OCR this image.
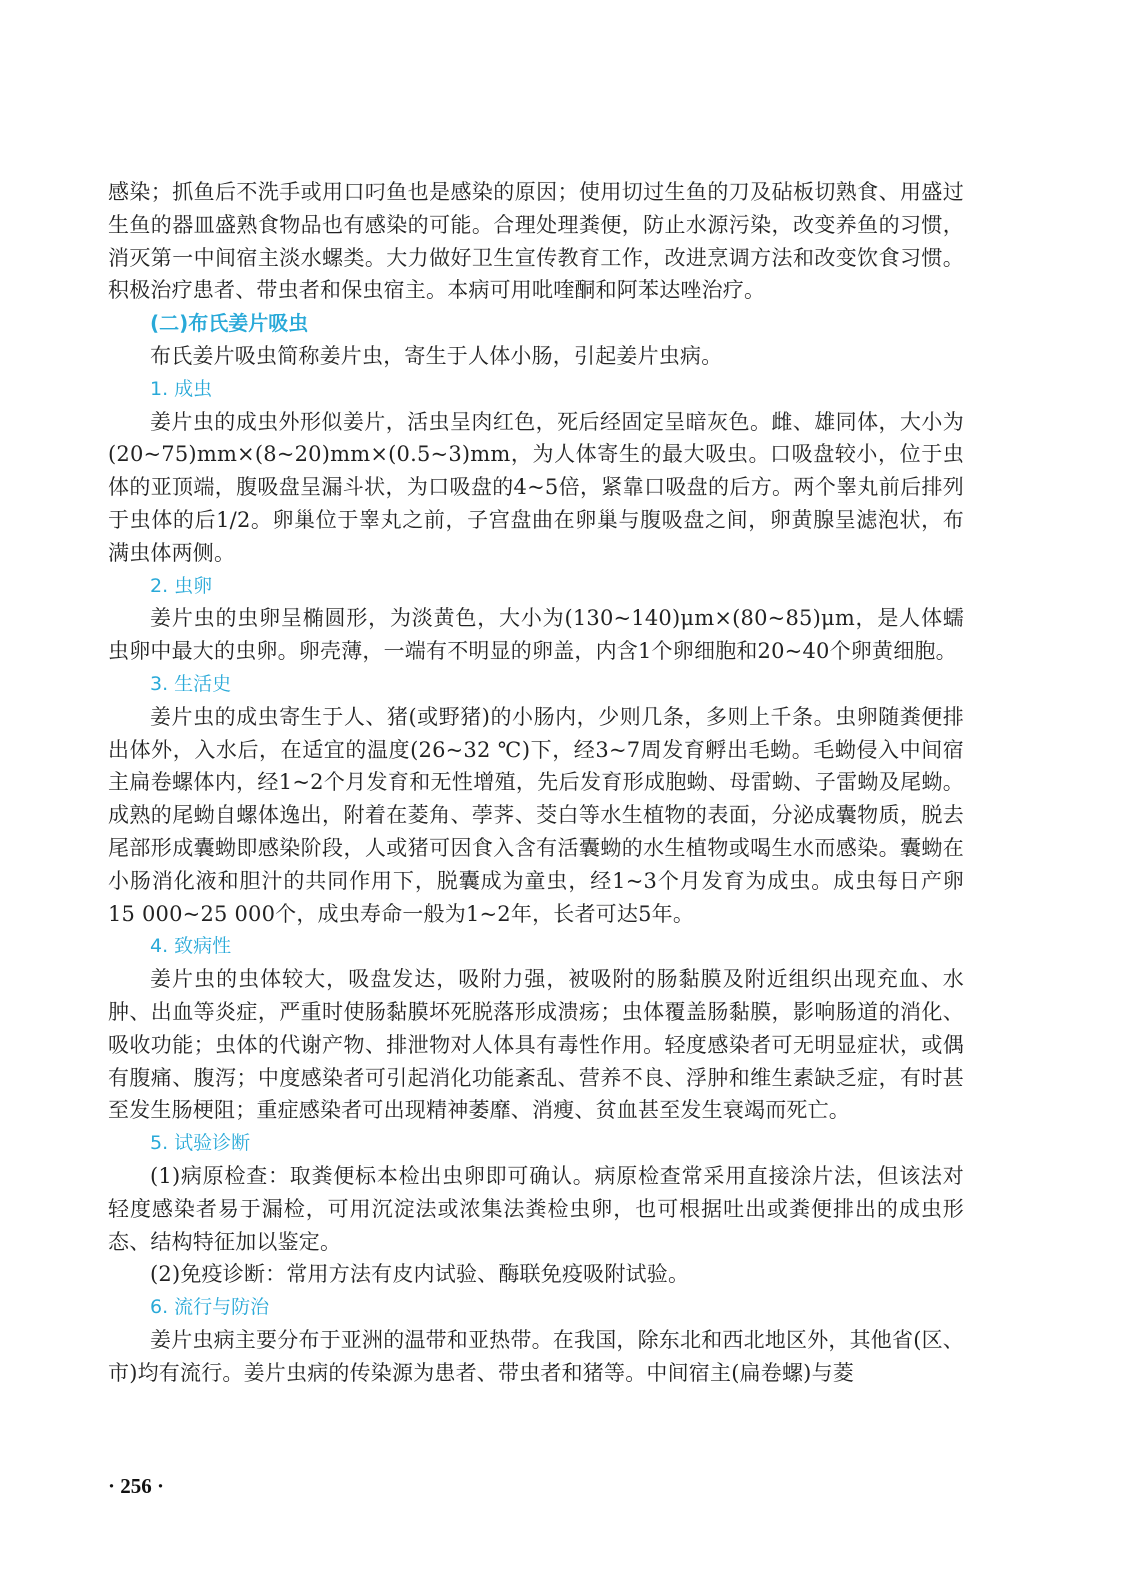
感染；抓鱼后不洗手或用口叼鱼也是感染的原因；使用切过生鱼的刀及砧板切熟食、用盛过生鱼的器皿盛熟食物品也有感染的可能。合理处理粪便，防止水源污染，改变养鱼的习惯，消灭第一中间宿主淡水螺类。大力做好卫生宣传教育工作，改进烹调方法和改变饮食习惯。积极治疗患者、带虫者和保虫宿主。本病可用吡喹酮和阿苯达唑治疗。

(二)布氏姜片吸虫

布氏姜片吸虫简称姜片虫，寄生于人体小肠，引起姜片虫病。

1. 成虫

姜片虫的成虫外形似姜片，活虫呈肉红色，死后经固定呈暗灰色。雌、雄同体，大小为(20~75)mm×(8~20)mm×(0.5~3)mm，为人体寄生的最大吸虫。口吸盘较小，位于虫体的亚顶端，腹吸盘呈漏斗状，为口吸盘的4~5倍，紧靠口吸盘的后方。两个睾丸前后排列于虫体的后1/2。卵巢位于睾丸之前，子宫盘曲在卵巢与腹吸盘之间，卵黄腺呈滤泡状，布满虫体两侧。

2. 虫卵

姜片虫的虫卵呈椭圆形，为淡黄色，大小为(130~140)μm×(80~85)μm，是人体蠕虫卵中最大的虫卵。卵壳薄，一端有不明显的卵盖，内含1个卵细胞和20~40个卵黄细胞。

3. 生活史

姜片虫的成虫寄生于人、猪(或野猪)的小肠内，少则几条，多则上千条。虫卵随粪便排出体外，入水后，在适宜的温度(26~32 ℃)下，经3~7周发育孵出毛蚴。毛蚴侵入中间宿主扁卷螺体内，经1~2个月发育和无性增殖，先后发育形成胞蚴、母雷蚴、子雷蚴及尾蚴。成熟的尾蚴自螺体逸出，附着在菱角、荸荠、茭白等水生植物的表面，分泌成囊物质，脱去尾部形成囊蚴即感染阶段，人或猪可因食入含有活囊蚴的水生植物或喝生水而感染。囊蚴在小肠消化液和胆汁的共同作用下，脱囊成为童虫，经1~3个月发育为成虫。成虫每日产卵15 000~25 000个，成虫寿命一般为1~2年，长者可达5年。

4. 致病性

姜片虫的虫体较大，吸盘发达，吸附力强，被吸附的肠黏膜及附近组织出现充血、水肿、出血等炎症，严重时使肠黏膜坏死脱落形成溃疡；虫体覆盖肠黏膜，影响肠道的消化、吸收功能；虫体的代谢产物、排泄物对人体具有毒性作用。轻度感染者可无明显症状，或偶有腹痛、腹泻；中度感染者可引起消化功能紊乱、营养不良、浮肿和维生素缺乏症，有时甚至发生肠梗阻；重症感染者可出现精神萎靡、消瘦、贫血甚至发生衰竭而死亡。

5. 试验诊断

(1)病原检查：取粪便标本检出虫卵即可确认。病原检查常采用直接涂片法，但该法对轻度感染者易于漏检，可用沉淀法或浓集法粪检虫卵，也可根据吐出或粪便排出的成虫形态、结构特征加以鉴定。

(2)免疫诊断：常用方法有皮内试验、酶联免疫吸附试验。

6. 流行与防治

姜片虫病主要分布于亚洲的温带和亚热带。在我国，除东北和西北地区外，其他省(区、市)均有流行。姜片虫病的传染源为患者、带虫者和猪等。中间宿主(扁卷螺)与菱

· 256 ·
